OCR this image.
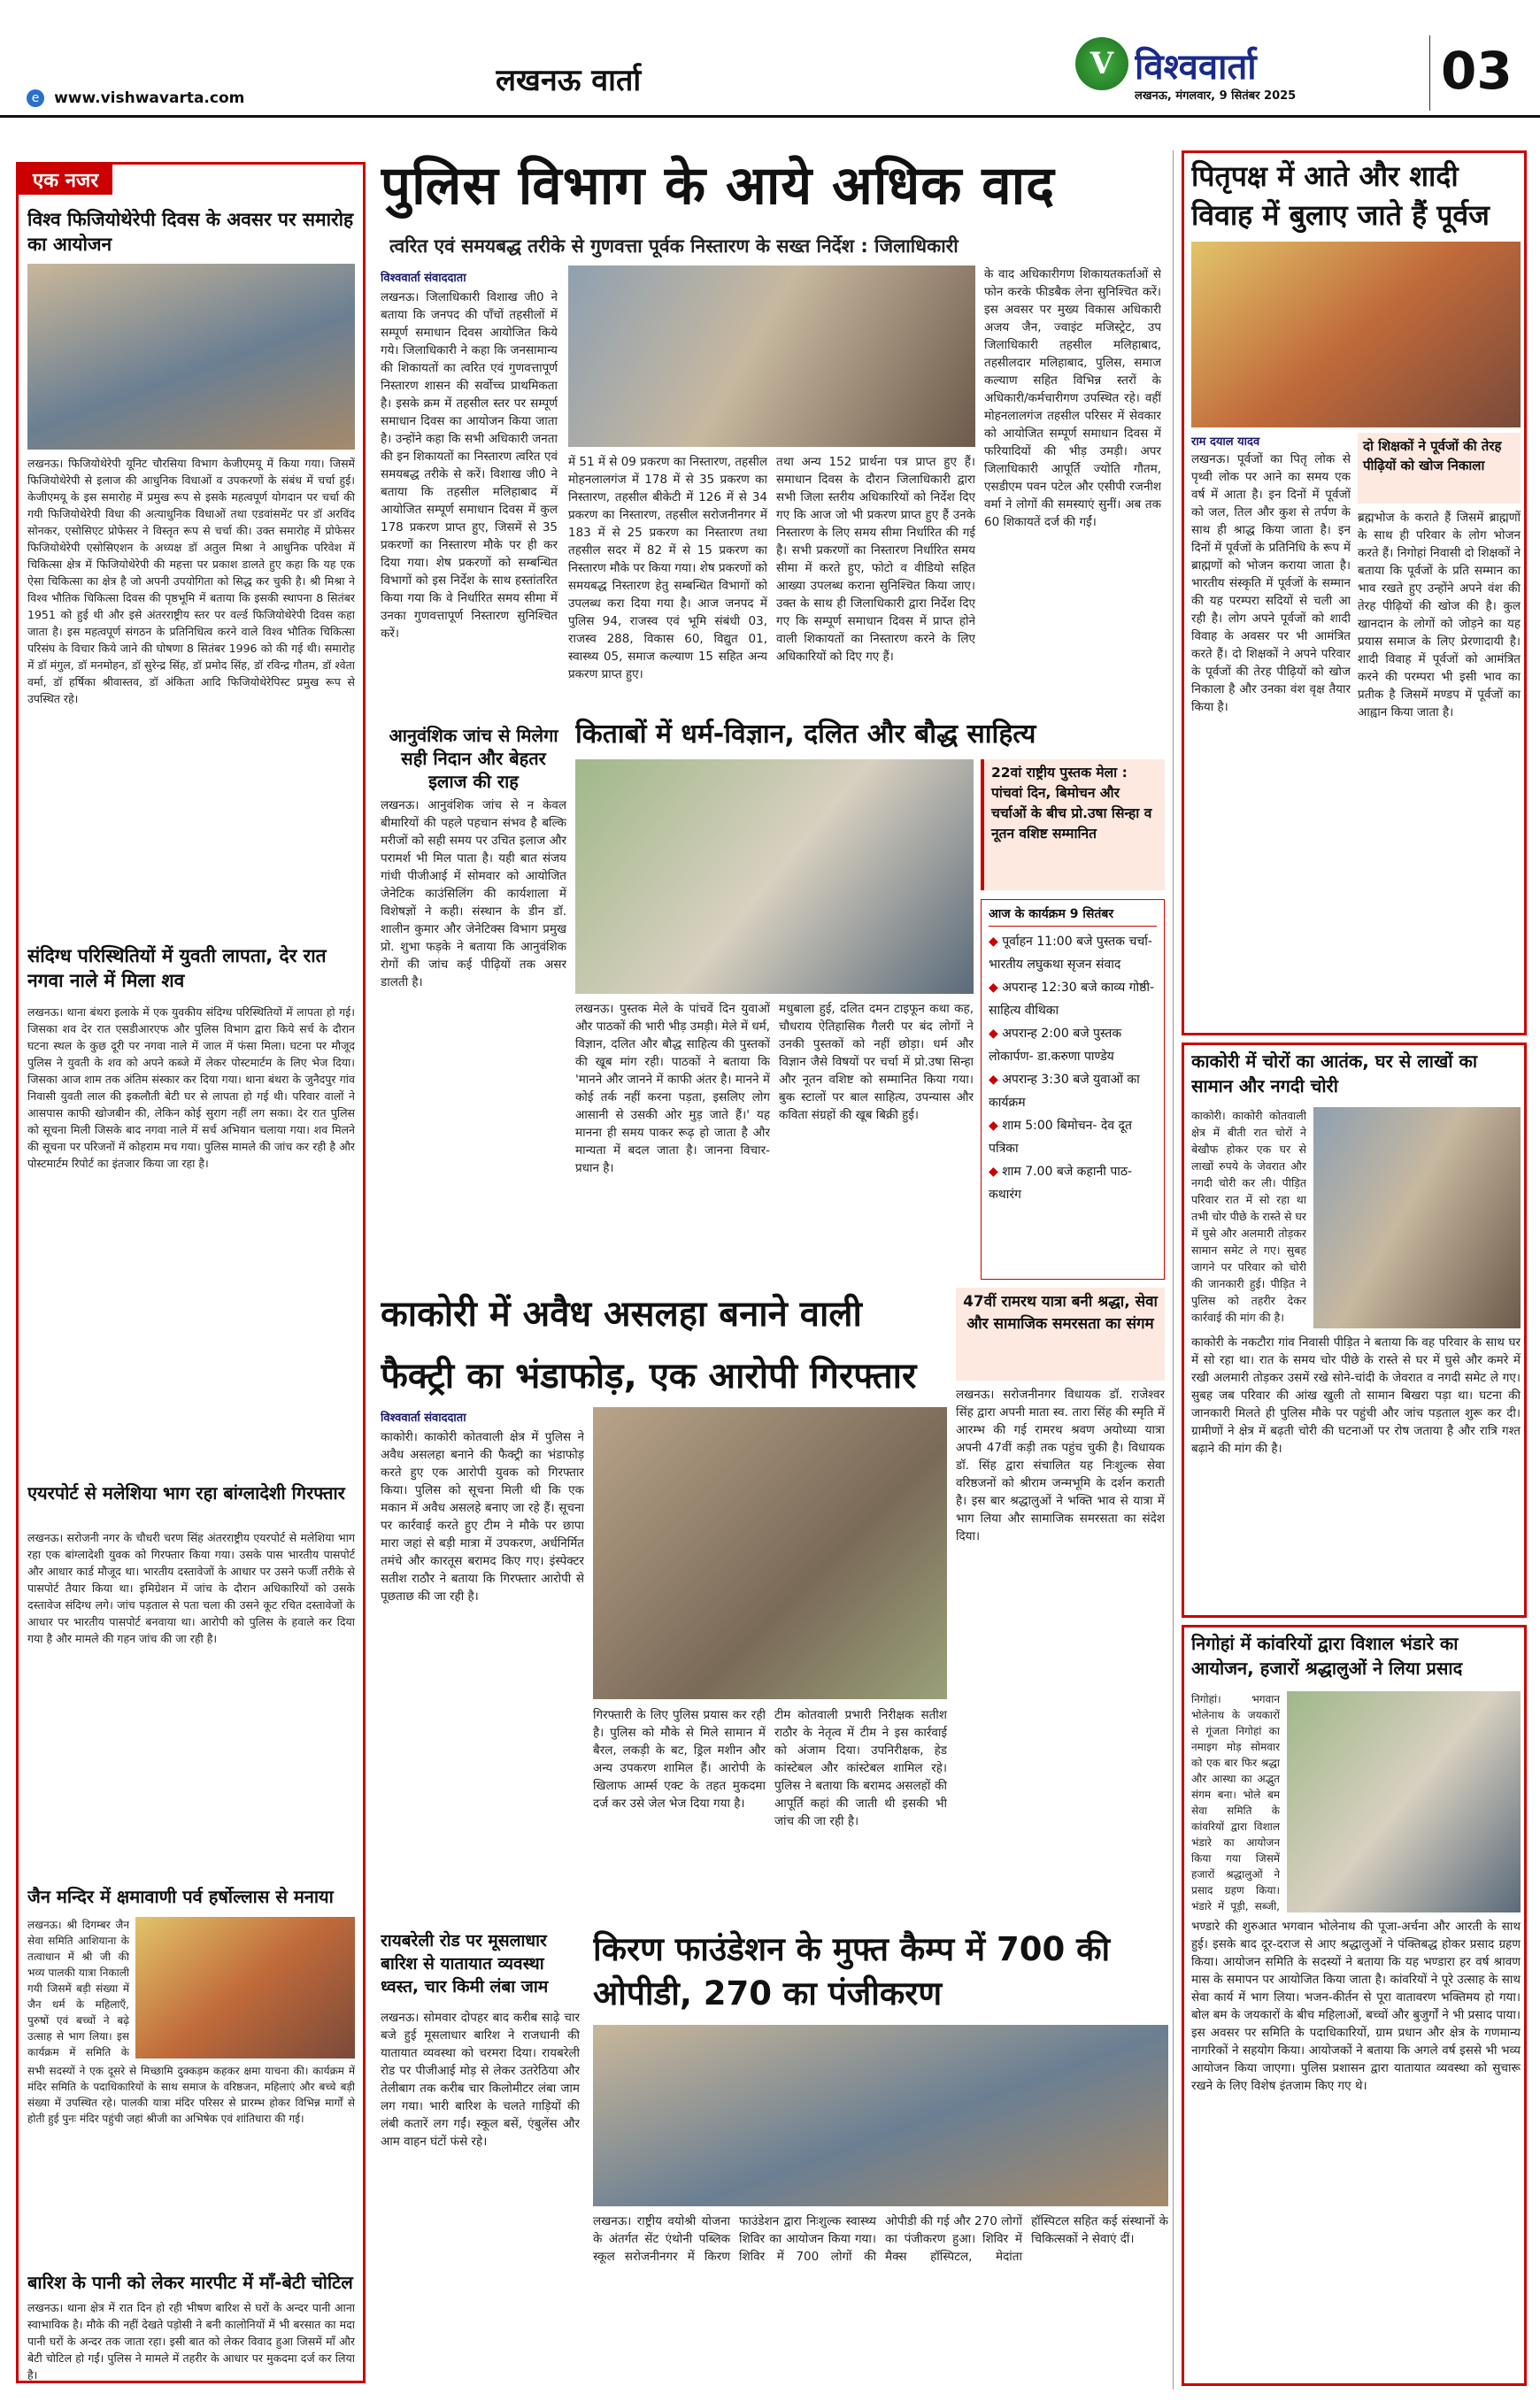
लखनऊ वार्ता
e www.vishwavarta.com
V विश्ववार्ता
लखनऊ, मंगलवार, 9 सितंबर 2025	03
एक नजर
विश्व फिजियोथेरेपी दिवस के अवसर पर समारोह का आयोजन
लखनऊ। फिजियोथेरेपी यूनिट चौरसिया विभाग केजीएमयू में किया गया। जिसमें फिजियोथेरेपी से इलाज की आधुनिक विधाओं व उपकरणों के संबंध में चर्चा हुई। केजीएमयू के इस समारोह में प्रमुख रूप से इसके महत्वपूर्ण योगदान पर चर्चा की गयी फिजियोथेरेपी विधा की अत्याधुनिक विधाओं तथा एडवांसमेंट पर डॉ अरविंद सोनकर, एसोसिएट प्रोफेसर ने विस्तृत रूप से चर्चा की। उक्त समारोह में प्रोफेसर फिजियोथेरेपी एसोसिएशन के अध्यक्ष डॉ अतुल मिश्रा ने आधुनिक परिवेश में चिकित्सा क्षेत्र में फिजियोथेरेपी की महत्ता पर प्रकाश डालते हुए कहा कि यह एक ऐसा चिकित्सा का क्षेत्र है जो अपनी उपयोगिता को सिद्ध कर चुकी है। श्री मिश्रा ने विश्व भौतिक चिकित्सा दिवस की पृष्ठभूमि में बताया कि इसकी स्थापना 8 सितंबर 1951 को हुई थी और इसे अंतरराष्ट्रीय स्तर पर वर्ल्ड फिजियोथेरेपी दिवस कहा जाता है। इस महत्वपूर्ण संगठन के प्रतिनिधित्व करने वाले विश्व भौतिक चिकित्सा परिसंघ के विचार किये जाने की घोषणा 8 सितंबर 1996 को की गई थी। समारोह में डॉ मंगुल, डॉ मनमोहन, डॉ सुरेन्द्र सिंह, डॉ प्रमोद सिंह, डॉ रविन्द्र गौतम, डॉ श्वेता वर्मा, डॉ हर्षिका श्रीवास्तव, डॉ अंकिता आदि फिजियोथेरेपिस्ट प्रमुख रूप से उपस्थित रहे।
संदिग्ध परिस्थितियों में युवती लापता, देर रात नगवा नाले में मिला शव
लखनऊ। थाना बंथरा इलाके में एक युवकीय संदिग्ध परिस्थितियों में लापता हो गई। जिसका शव देर रात एसडीआरएफ और पुलिस विभाग द्वारा किये सर्च के दौरान घटना स्थल के कुछ दूरी पर नगवा नाले में जाल में फंसा मिला। घटना पर मौजूद पुलिस ने युवती के शव को अपने कब्जे में लेकर पोस्टमार्टम के लिए भेज दिया। जिसका आज शाम तक अंतिम संस्कार कर दिया गया। थाना बंथरा के जुनैदपुर गांव निवासी युवती लाल की इकलौती बेटी घर से लापता हो गई थी। परिवार वालों ने आसपास काफी खोजबीन की, लेकिन कोई सुराग नहीं लग सका। देर रात पुलिस को सूचना मिली जिसके बाद नगवा नाले में सर्च अभियान चलाया गया। शव मिलने की सूचना पर परिजनों में कोहराम मच गया। पुलिस मामले की जांच कर रही है और पोस्टमार्टम रिपोर्ट का इंतजार किया जा रहा है।
एयरपोर्ट से मलेशिया भाग रहा बांग्लादेशी गिरफ्तार
लखनऊ। सरोजनी नगर के चौधरी चरण सिंह अंतरराष्ट्रीय एयरपोर्ट से मलेशिया भाग रहा एक बांग्लादेशी युवक को गिरफ्तार किया गया। उसके पास भारतीय पासपोर्ट और आधार कार्ड मौजूद था। भारतीय दस्तावेजों के आधार पर उसने फर्जी तरीके से पासपोर्ट तैयार किया था। इमिग्रेशन में जांच के दौरान अधिकारियों को उसके दस्तावेज संदिग्ध लगे। जांच पड़ताल से पता चला की उसने कूट रचित दस्तावेजों के आधार पर भारतीय पासपोर्ट बनवाया था। आरोपी को पुलिस के हवाले कर दिया गया है और मामले की गहन जांच की जा रही है।
जैन मन्दिर में क्षमावाणी पर्व हर्षोल्लास से मनाया
लखनऊ। श्री दिगम्बर जैन सेवा समिति आशियाना के तत्वाधान में श्री जी की भव्य पालकी यात्रा निकाली गयी जिसमें बड़ी संख्या में जैन धर्म के महिलाएँ, पुरुषों एवं बच्चों ने बढ़े उत्साह से भाग लिया। इस कार्यक्रम में समिति के
सभी सदस्यों ने एक दूसरे से मिच्छामि दुक्कड़म कहकर क्षमा याचना की। कार्यक्रम में मंदिर समिति के पदाधिकारियों के साथ समाज के वरिष्ठजन, महिलाएं और बच्चे बड़ी संख्या में उपस्थित रहे। पालकी यात्रा मंदिर परिसर से प्रारम्भ होकर विभिन्न मार्गों से होती हुई पुनः मंदिर पहुंची जहां श्रीजी का अभिषेक एवं शांतिधारा की गई।
बारिश के पानी को लेकर मारपीट में माँ-बेटी चोटिल
लखनऊ। थाना क्षेत्र में रात दिन हो रही भीषण बारिश से घरों के अन्दर पानी आना स्वाभाविक है। मौके की नहीं देखते पड़ोसी ने बनी कालोनियों में भी बरसात का मदा पानी घरों के अन्दर तक जाता रहा। इसी बात को लेकर विवाद हुआ जिसमें माँ और बेटी चोटिल हो गईं। पुलिस ने मामले में तहरीर के आधार पर मुकदमा दर्ज कर लिया है।
पुलिस विभाग के आये अधिक वाद
त्वरित एवं समयबद्ध तरीके से गुणवत्ता पूर्वक निस्तारण के सख्त निर्देश : जिलाधिकारी
विश्ववार्ता संवाददाता
लखनऊ। जिलाधिकारी विशाख जी0 ने बताया कि जनपद की पाँचों तहसीलों में सम्पूर्ण समाधान दिवस आयोजित किये गये। जिलाधिकारी ने कहा कि जनसामान्य की शिकायतों का त्वरित एवं गुणवत्तापूर्ण निस्तारण शासन की सर्वोच्च प्राथमिकता है। इसके क्रम में तहसील स्तर पर सम्पूर्ण समाधान दिवस का आयोजन किया जाता है। उन्होंने कहा कि सभी अधिकारी जनता की इन शिकायतों का निस्तारण त्वरित एवं समयबद्ध तरीके से करें। विशाख जी0 ने बताया कि तहसील मलिहाबाद में आयोजित सम्पूर्ण समाधान दिवस में कुल 178 प्रकरण प्राप्त हुए, जिसमें से 35 प्रकरणों का निस्तारण मौके पर ही कर दिया गया। शेष प्रकरणों को सम्बन्धित विभागों को इस निर्देश के साथ हस्तांतरित किया गया कि वे निर्धारित समय सीमा में उनका गुणवत्तापूर्ण निस्तारण सुनिश्चित करें।
में 51 में से 09 प्रकरण का निस्तारण, तहसील मोहनलालगंज में 178 में से 35 प्रकरण का निस्तारण, तहसील बीकेटी में 126 में से 34 प्रकरण का निस्तारण, तहसील सरोजनीनगर में 183 में से 25 प्रकरण का निस्तारण तथा तहसील सदर में 82 में से 15 प्रकरण का निस्तारण मौके पर किया गया। शेष प्रकरणों को समयबद्ध निस्तारण हेतु सम्बन्धित विभागों को उपलब्ध करा दिया गया है। आज जनपद में पुलिस 94, राजस्व एवं भूमि संबंधी 03, राजस्व 288, विकास 60, विद्युत 01, स्वास्थ्य 05, समाज कल्याण 15 सहित अन्य प्रकरण प्राप्त हुए।
तथा अन्य 152 प्रार्थना पत्र प्राप्त हुए हैं। समाधान दिवस के दौरान जिलाधिकारी द्वारा सभी जिला स्तरीय अधिकारियों को निर्देश दिए गए कि आज जो भी प्रकरण प्राप्त हुए हैं उनके निस्तारण के लिए समय सीमा निर्धारित की गई है। सभी प्रकरणों का निस्तारण निर्धारित समय सीमा में करते हुए, फोटो व वीडियो सहित आख्या उपलब्ध कराना सुनिश्चित किया जाए। उक्त के साथ ही जिलाधिकारी द्वारा निर्देश दिए गए कि सम्पूर्ण समाधान दिवस में प्राप्त होने वाली शिकायतों का निस्तारण करने के लिए अधिकारियों को दिए गए हैं।
के वाद अधिकारीगण शिकायतकर्ताओं से फोन करके फीडबैक लेना सुनिश्चित करें। इस अवसर पर मुख्य विकास अधिकारी अजय जैन, ज्वाइंट मजिस्ट्रेट, उप जिलाधिकारी तहसील मलिहाबाद, तहसीलदार मलिहाबाद, पुलिस, समाज कल्याण सहित विभिन्न स्तरों के अधिकारी/कर्मचारीगण उपस्थित रहे। वहीं मोहनलालगंज तहसील परिसर में सेवकार को आयोजित सम्पूर्ण समाधान दिवस में फरियादियों की भीड़ उमड़ी। अपर जिलाधिकारी आपूर्ति ज्योति गौतम, एसडीएम पवन पटेल और एसीपी रजनीश वर्मा ने लोगों की समस्याएं सुनीं। अब तक 60 शिकायतें दर्ज की गईं।
आनुवंशिक जांच से मिलेगा सही निदान और बेहतर इलाज की राह
लखनऊ। आनुवंशिक जांच से न केवल बीमारियों की पहले पहचान संभव है बल्कि मरीजों को सही समय पर उचित इलाज और परामर्श भी मिल पाता है। यही बात संजय गांधी पीजीआई में सोमवार को आयोजित जेनेटिक काउंसिलिंग की कार्यशाला में विशेषज्ञों ने कही। संस्थान के डीन डॉ. शालीन कुमार और जेनेटिक्स विभाग प्रमुख प्रो. शुभा फड़के ने बताया कि आनुवंशिक रोगों की जांच कई पीढ़ियों तक असर डालती है।
किताबों में धर्म-विज्ञान, दलित और बौद्ध साहित्य
22वां राष्ट्रीय पुस्तक मेला : पांचवां दिन, बिमोचन और चर्चाओं के बीच प्रो.उषा सिन्हा व नूतन वशिष्ट सम्मानित
आज के कार्यक्रम 9 सितंबर
◆ पूर्वाहन 11:00 बजे पुस्तक चर्चा- भारतीय लघुकथा सृजन संवाद
◆ अपरान्ह 12:30 बजे काव्य गोष्ठी- साहित्य वीथिका
◆ अपरान्ह 2:00 बजे पुस्तक लोकार्पण- डा.करुणा पाण्डेय
◆ अपरान्ह 3:30 बजे युवाओं का कार्यक्रम
◆ शाम 5:00 बिमोचन- देव दूत पत्रिका
◆ शाम 7.00 बजे कहानी पाठ- कथारंग
लखनऊ। पुस्तक मेले के पांचवें दिन युवाओं और पाठकों की भारी भीड़ उमड़ी। मेले में धर्म, विज्ञान, दलित और बौद्ध साहित्य की पुस्तकों की खूब मांग रही। पाठकों ने बताया कि 'मानने और जानने में काफी अंतर है। मानने में कोई तर्क नहीं करना पड़ता, इसलिए लोग आसानी से उसकी ओर मुड़ जाते हैं।' यह मानना ही समय पाकर रूढ़ हो जाता है और मान्यता में बदल जाता है। जानना विचार-प्रधान है।
मधुबाला हुई, दलित दमन टाइफून कथा कह, चौधराय ऐतिहासिक गैलरी पर बंद लोगों ने उनकी पुस्तकों को नहीं छोड़ा। धर्म और विज्ञान जैसे विषयों पर चर्चा में प्रो.उषा सिन्हा और नूतन वशिष्ट को सम्मानित किया गया। बुक स्टालों पर बाल साहित्य, उपन्यास और कविता संग्रहों की खूब बिक्री हुई।
काकोरी में अवैध असलहा बनाने वाली फैक्ट्री का भंडाफोड़, एक आरोपी गिरफ्तार
विश्ववार्ता संवाददाता
काकोरी। काकोरी कोतवाली क्षेत्र में पुलिस ने अवैध असलहा बनाने की फैक्ट्री का भंडाफोड़ करते हुए एक आरोपी युवक को गिरफ्तार किया। पुलिस को सूचना मिली थी कि एक मकान में अवैध असलहे बनाए जा रहे हैं। सूचना पर कार्रवाई करते हुए टीम ने मौके पर छापा मारा जहां से बड़ी मात्रा में उपकरण, अर्धनिर्मित तमंचे और कारतूस बरामद किए गए। इंस्पेक्टर सतीश राठौर ने बताया कि गिरफ्तार आरोपी से पूछताछ की जा रही है।
गिरफ्तारी के लिए पुलिस प्रयास कर रही है। पुलिस को मौके से मिले सामान में बैरल, लकड़ी के बट, ड्रिल मशीन और अन्य उपकरण शामिल हैं। आरोपी के खिलाफ आर्म्स एक्ट के तहत मुकदमा दर्ज कर उसे जेल भेज दिया गया है।
टीम कोतवाली प्रभारी निरीक्षक सतीश राठौर के नेतृत्व में टीम ने इस कार्रवाई को अंजाम दिया। उपनिरीक्षक, हेड कांस्टेबल और कांस्टेबल शामिल रहे। पुलिस ने बताया कि बरामद असलहों की आपूर्ति कहां की जाती थी इसकी भी जांच की जा रही है।
47वीं रामरथ यात्रा बनी श्रद्धा, सेवा और सामाजिक समरसता का संगम
लखनऊ। सरोजनीनगर विधायक डॉ. राजेश्वर सिंह द्वारा अपनी माता स्व. तारा सिंह की स्मृति में आरम्भ की गई रामरथ श्रवण अयोध्या यात्रा अपनी 47वीं कड़ी तक पहुंच चुकी है। विधायक डॉ. सिंह द्वारा संचालित यह निःशुल्क सेवा वरिष्ठजनों को श्रीराम जन्मभूमि के दर्शन कराती है। इस बार श्रद्धालुओं ने भक्ति भाव से यात्रा में भाग लिया और सामाजिक समरसता का संदेश दिया।
रायबरेली रोड पर मूसलाधार बारिश से यातायात व्यवस्था ध्वस्त, चार किमी लंबा जाम
लखनऊ। सोमवार दोपहर बाद करीब साढ़े चार बजे हुई मूसलाधार बारिश ने राजधानी की यातायात व्यवस्था को चरमरा दिया। रायबरेली रोड पर पीजीआई मोड़ से लेकर उतरेठिया और तेलीबाग तक करीब चार किलोमीटर लंबा जाम लग गया। भारी बारिश के चलते गाड़ियों की लंबी कतारें लग गईं। स्कूल बसें, एंबुलेंस और आम वाहन घंटों फंसे रहे।
किरण फाउंडेशन के मुफ्त कैम्प में 700 की ओपीडी, 270 का पंजीकरण
लखनऊ। राष्ट्रीय वयोश्री योजना के अंतर्गत सेंट एंथोनी पब्लिक स्कूल सरोजनीनगर में किरण फाउंडेशन द्वारा निःशुल्क स्वास्थ्य शिविर का आयोजन किया गया। शिविर में 700 लोगों की ओपीडी की गई और 270 लोगों का पंजीकरण हुआ। शिविर में मैक्स हॉस्पिटल, मेदांता हॉस्पिटल सहित कई संस्थानों के चिकित्सकों ने सेवाएं दीं।
पितृपक्ष में आते और शादी विवाह में बुलाए जाते हैं पूर्वज
राम दयाल यादव
लखनऊ। पूर्वजों का पितृ लोक से पृथ्वी लोक पर आने का समय एक वर्ष में आता है। इन दिनों में पूर्वजों को जल, तिल और कुश से तर्पण के साथ ही श्राद्ध किया जाता है। इन दिनों में पूर्वजों के प्रतिनिधि के रूप में ब्राह्मणों को भोजन कराया जाता है। भारतीय संस्कृति में पूर्वजों के सम्मान की यह परम्परा सदियों से चली आ रही है। लोग अपने पूर्वजों को शादी विवाह के अवसर पर भी आमंत्रित करते हैं। दो शिक्षकों ने अपने परिवार के पूर्वजों की तेरह पीढ़ियों को खोज निकाला है और उनका वंश वृक्ष तैयार किया है।
दो शिक्षकों ने पूर्वजों की तेरह पीढ़ियों को खोज निकाला
ब्रह्मभोज के कराते हैं जिसमें ब्राह्मणों के साथ ही परिवार के लोग भोजन करते हैं। निगोहां निवासी दो शिक्षकों ने बताया कि पूर्वजों के प्रति सम्मान का भाव रखते हुए उन्होंने अपने वंश की तेरह पीढ़ियों की खोज की है। कुल खानदान के लोगों को जोड़ने का यह प्रयास समाज के लिए प्रेरणादायी है। शादी विवाह में पूर्वजों को आमंत्रित करने की परम्परा भी इसी भाव का प्रतीक है जिसमें मण्डप में पूर्वजों का आह्वान किया जाता है।
काकोरी में चोरों का आतंक, घर से लाखों का सामान और नगदी चोरी
काकोरी। काकोरी कोतवाली क्षेत्र में बीती रात चोरों ने बेखौफ होकर एक घर से लाखों रुपये के जेवरात और नगदी चोरी कर ली। पीड़ित परिवार रात में सो रहा था तभी चोर पीछे के रास्ते से घर में घुसे और अलमारी तोड़कर सामान समेट ले गए। सुबह जागने पर परिवार को चोरी की जानकारी हुई। पीड़ित ने पुलिस को तहरीर देकर कार्रवाई की मांग की है।
काकोरी के नकटौरा गांव निवासी पीड़ित ने बताया कि वह परिवार के साथ घर में सो रहा था। रात के समय चोर पीछे के रास्ते से घर में घुसे और कमरे में रखी अलमारी तोड़कर उसमें रखे सोने-चांदी के जेवरात व नगदी समेट ले गए। सुबह जब परिवार की आंख खुली तो सामान बिखरा पड़ा था। घटना की जानकारी मिलते ही पुलिस मौके पर पहुंची और जांच पड़ताल शुरू कर दी। ग्रामीणों ने क्षेत्र में बढ़ती चोरी की घटनाओं पर रोष जताया है और रात्रि गश्त बढ़ाने की मांग की है।
निगोहां में कांवरियों द्वारा विशाल भंडारे का आयोजन, हजारों श्रद्धालुओं ने लिया प्रसाद
निगोहां। भगवान भोलेनाथ के जयकारों से गूंजता निगोहां का नमाइग मोड़ सोमवार को एक बार फिर श्रद्धा और आस्था का अद्भुत संगम बना। भोले बम सेवा समिति के कांवरियों द्वारा विशाल भंडारे का आयोजन किया गया जिसमें हजारों श्रद्धालुओं ने प्रसाद ग्रहण किया। भंडारे में पूड़ी, सब्जी,
भण्डारे की शुरुआत भगवान भोलेनाथ की पूजा-अर्चना और आरती के साथ हुई। इसके बाद दूर-दराज से आए श्रद्धालुओं ने पंक्तिबद्ध होकर प्रसाद ग्रहण किया। आयोजन समिति के सदस्यों ने बताया कि यह भण्डारा हर वर्ष श्रावण मास के समापन पर आयोजित किया जाता है। कांवरियों ने पूरे उत्साह के साथ सेवा कार्य में भाग लिया। भजन-कीर्तन से पूरा वातावरण भक्तिमय हो गया। बोल बम के जयकारों के बीच महिलाओं, बच्चों और बुजुर्गों ने भी प्रसाद पाया। इस अवसर पर समिति के पदाधिकारियों, ग्राम प्रधान और क्षेत्र के गणमान्य नागरिकों ने सहयोग किया। आयोजकों ने बताया कि अगले वर्ष इससे भी भव्य आयोजन किया जाएगा। पुलिस प्रशासन द्वारा यातायात व्यवस्था को सुचारू रखने के लिए विशेष इंतजाम किए गए थे।
